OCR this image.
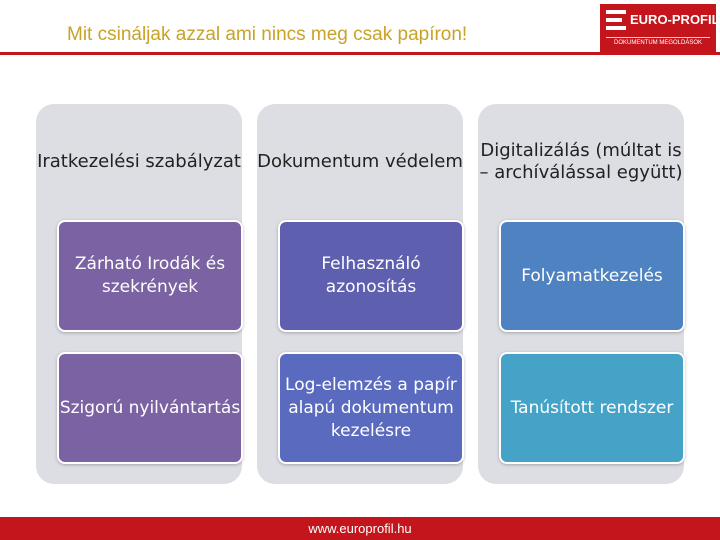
Mit csináljak azzal ami nincs meg csak papíron!
EURO-PROFIL
DOKUMENTUM MEGOLDÁSOK
Iratkezelési szabályzat
Zárható Irodák és szekrények
Szigorú nyilvántartás
Dokumentum védelem
Felhasználó azonosítás
Log-elemzés a papír alapú dokumentum kezelésre
Digitalizálás (múltat is – archíválással együtt)
Folyamatkezelés
Tanúsított rendszer
www.europrofil.hu
